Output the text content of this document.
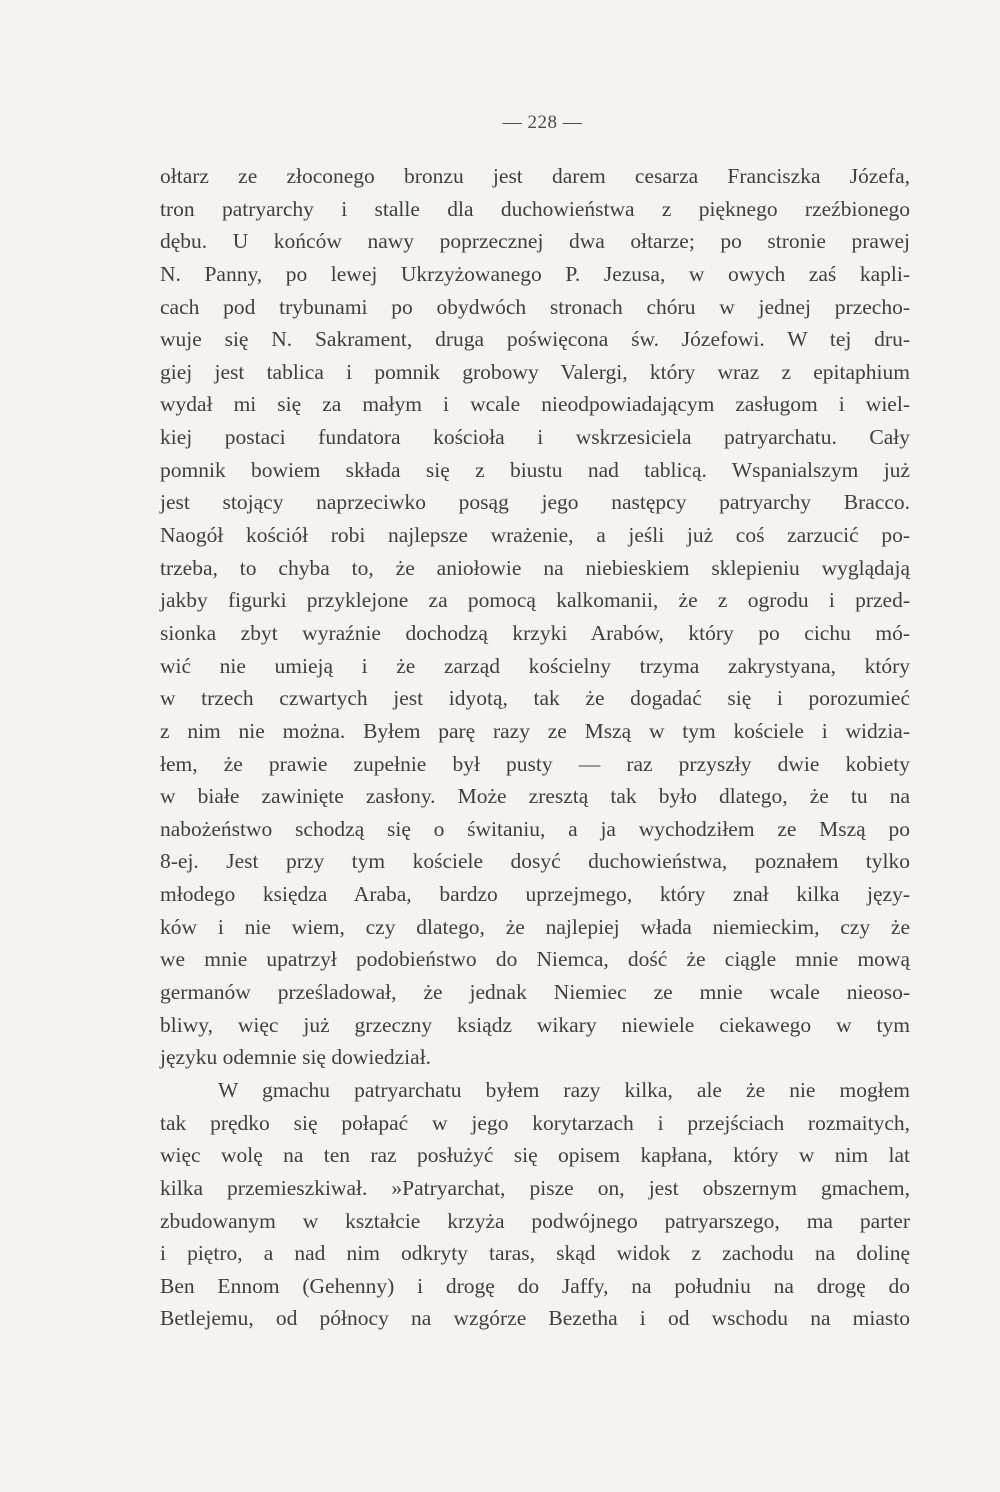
— 228 —
ołtarz ze złoconego bronzu jest darem cesarza Franciszka Józefa,
tron patryarchy i stalle dla duchowieństwa z pięknego rzeźbionego
dębu. U końców nawy poprzecznej dwa ołtarze; po stronie prawej
N. Panny, po lewej Ukrzyżowanego P. Jezusa, w owych zaś kapli-
cach pod trybunami po obydwóch stronach chóru w jednej przecho-
wuje się N. Sakrament, druga poświęcona św. Józefowi. W tej dru-
giej jest tablica i pomnik grobowy Valergi, który wraz z epitaphium
wydał mi się za małym i wcale nieodpowiadającym zasługom i wiel-
kiej postaci fundatora kościoła i wskrzesiciela patryarchatu. Cały
pomnik bowiem składa się z biustu nad tablicą. Wspanialszym już
jest stojący naprzeciwko posąg jego następcy patryarchy Bracco.
Naogół kościół robi najlepsze wrażenie, a jeśli już coś zarzucić po-
trzeba, to chyba to, że aniołowie na niebieskiem sklepieniu wyglądają
jakby figurki przyklejone za pomocą kalkomanii, że z ogrodu i przed-
sionka zbyt wyraźnie dochodzą krzyki Arabów, który po cichu mó-
wić nie umieją i że zarząd kościelny trzyma zakrystyana, który
w trzech czwartych jest idyotą, tak że dogadać się i porozumieć
z nim nie można. Byłem parę razy ze Mszą w tym kościele i widzia-
łem, że prawie zupełnie był pusty — raz przyszły dwie kobiety
w białe zawinięte zasłony. Może zresztą tak było dlatego, że tu na
nabożeństwo schodzą się o świtaniu, a ja wychodziłem ze Mszą po
8-ej. Jest przy tym kościele dosyć duchowieństwa, poznałem tylko
młodego księdza Araba, bardzo uprzejmego, który znał kilka języ-
ków i nie wiem, czy dlatego, że najlepiej włada niemieckim, czy że
we mnie upatrzył podobieństwo do Niemca, dość że ciągle mnie mową
germanów prześladował, że jednak Niemiec ze mnie wcale nieoso-
bliwy, więc już grzeczny ksiądz wikary niewiele ciekawego w tym
języku odemnie się dowiedział.
W gmachu patryarchatu byłem razy kilka, ale że nie mogłem
tak prędko się połapać w jego korytarzach i przejściach rozmaitych,
więc wolę na ten raz posłużyć się opisem kapłana, który w nim lat
kilka przemieszkiwał. »Patryarchat, pisze on, jest obszernym gmachem,
zbudowanym w kształcie krzyża podwójnego patryarszego, ma parter
i piętro, a nad nim odkryty taras, skąd widok z zachodu na dolinę
Ben Ennom (Gehenny) i drogę do Jaffy, na południu na drogę do
Betlejemu, od północy na wzgórze Bezetha i od wschodu na miasto
